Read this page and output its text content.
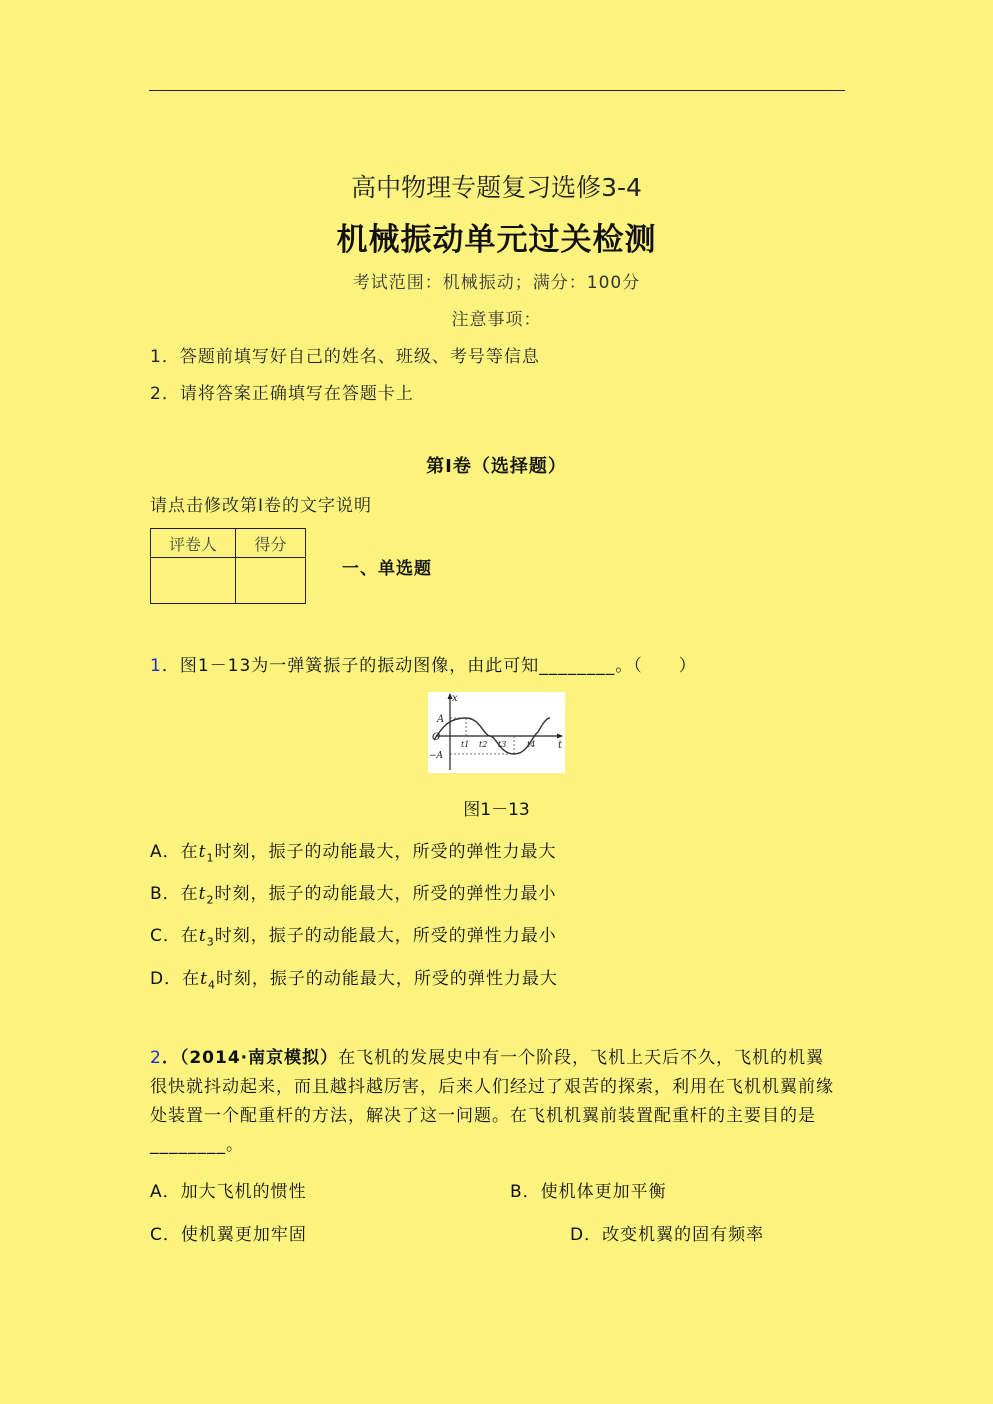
高中物理专题复习选修3-4
机械振动单元过关检测
考试范围：机械振动；满分：100分
注意事项：
1．答题前填写好自己的姓名、班级、考号等信息
2．请将答案正确填写在答题卡上
第I卷（选择题）
请点击修改第I卷的文字说明
评卷人	得分

一、单选题
1．图1－13为一弹簧振子的振动图像，由此可知________。（　　）
x
A
O
−A
t
t1 t2 t3	t4
图1－13
A．在$t_1$时刻，振子的动能最大，所受的弹性力最大
B．在$t_2$时刻，振子的动能最大，所受的弹性力最小
C．在$t_3$时刻，振子的动能最大，所受的弹性力最小
D．在$t_4$时刻，振子的动能最大，所受的弹性力最大
2．（2014·南京模拟）在飞机的发展史中有一个阶段，飞机上天后不久，飞机的机翼很快就抖动起来，而且越抖越厉害，后来人们经过了艰苦的探索，利用在飞机机翼前缘处装置一个配重杆的方法，解决了这一问题。在飞机机翼前装置配重杆的主要目的是________。
A．加大飞机的惯性	B．使机体更加平衡
C．使机翼更加牢固	D．改变机翼的固有频率
